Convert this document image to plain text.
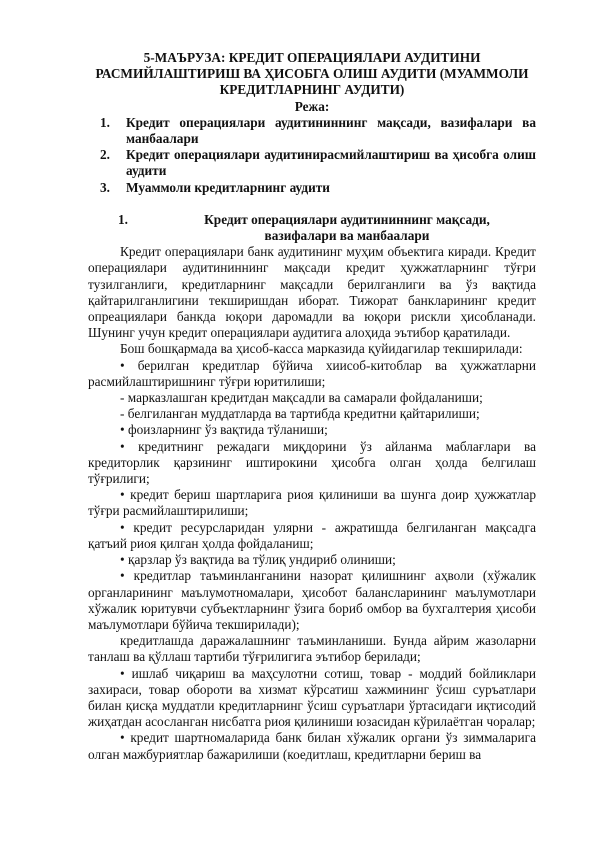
5-МАЪРУЗА: КРЕДИТ ОПЕРАЦИЯЛАРИ АУДИТИНИ
РАСМИЙЛАШТИРИШ ВА ҲИСОБГА ОЛИШ АУДИТИ (МУАММОЛИ
КРЕДИТЛАРНИНГ АУДИТИ)

Режа:

1.	Кредит операциялари аудитининнинг мақсади, вазифалари ва манбаалари
2.	Кредит операциялари аудитинирасмийлаштириш ва ҳисобга олиш аудити
3.	Муаммоли кредитларнинг аудити
1.	Кредит операциялари аудитининнинг мақсади, вазифалари ва манбаалари

Кредит операциялари банк аудитининг муҳим объектига киради. Кредит операциялари аудитининнинг мақсади кредит ҳужжатларнинг тўғри тузилганлиги, кредитларнинг мақсадли берилганлиги ва ўз вақтида қайтарилганлигини текширишдан иборат. Тижорат банкларининг кредит опреациялари банкда юқори даромадли ва юқори рискли ҳисобланади. Шунинг учун кредит операциялари аудитига алоҳида эътибор қаратилади.

Бош бошқармада ва ҳисоб-касса марказида қуйидагилар текширилади:

• берилган кредитлар бўйича хиисоб-китоблар ва ҳужжатларни расмийлаштиришнинг тўғри юритилиши;

- марказлашган кредитдан мақсадли ва самарали фойдаланиши;

- белгиланган муддатларда ва тартибда кредитни қайтарилиши;

• фоизларнинг ўз вақтида тўланиши;

• кредитнинг режадаги миқдорини ўз айланма маблағлари ва кредиторлик қарзининг иштирокини ҳисобга олган ҳолда белгилаш тўғрилиги;

• кредит бериш шартларига риоя қилиниши ва шунга доир ҳужжатлар тўғри расмийлаштирилиши;

• кредит ресурсларидан улярни - ажратишда белгиланган мақсадга қатъий риоя қилган ҳолда фойдаланиш;

• қарзлар ўз вақтида ва тўлиқ ундириб олиниши;

• кредитлар таъминланганини назорат қилишнинг аҳволи (хўжалик органларининг маълумотномалари, ҳисобот балансларининг маълумотлари хўжалик юритувчи субъектларнинг ўзига бориб омбор ва бухгалтерия ҳисоби маълумотлари бўйича текширилади);

кредитлашда даражалашнинг таъминланиши. Бунда айрим жазоларни танлаш ва қўллаш тартиби тўғрилигига эътибор берилади;

• ишлаб чиқариш ва маҳсулотни сотиш, товар - моддий бойликлари захираси, товар обороти ва хизмат кўрсатиш хажмининг ўсиш суръатлари билан қисқа муддатли кредитларнинг ўсиш суръатлари ўртасидаги иқтисодий жиҳатдан асосланган нисбатга риоя қилиниши юзасидан кўрилаётган чоралар;

• кредит шартномаларида банк билан хўжалик органи ўз зиммаларига олган мажбуриятлар бажарилиши (коедитлаш, кредитларни бериш ва
